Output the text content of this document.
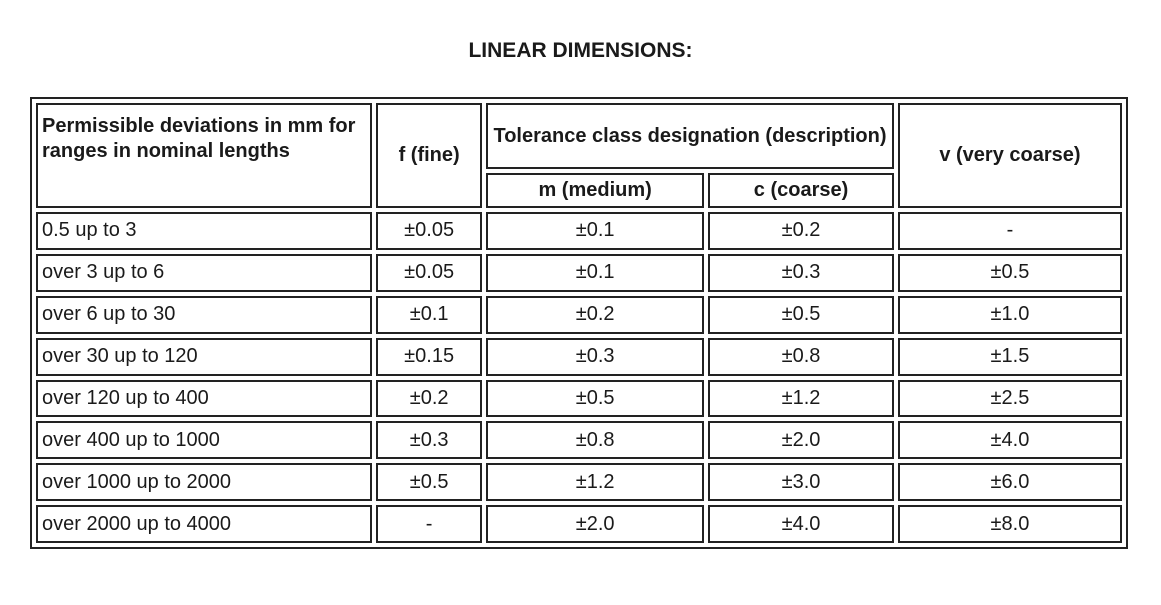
LINEAR DIMENSIONS:
Permissible deviations in mm for ranges in nominal lengths	f (fine)	Tolerance class designation (description)		v (very coarse)
		m (medium)	c (coarse)	
0.5 up to 3	±0.05	±0.1	±0.2	-
over 3 up to 6	±0.05	±0.1	±0.3	±0.5
over 6 up to 30	±0.1	±0.2	±0.5	±1.0
over 30 up to 120	±0.15	±0.3	±0.8	±1.5
over 120 up to 400	±0.2	±0.5	±1.2	±2.5
over 400 up to 1000	±0.3	±0.8	±2.0	±4.0
over 1000 up to 2000	±0.5	±1.2	±3.0	±6.0
over 2000 up to 4000	-	±2.0	±4.0	±8.0
